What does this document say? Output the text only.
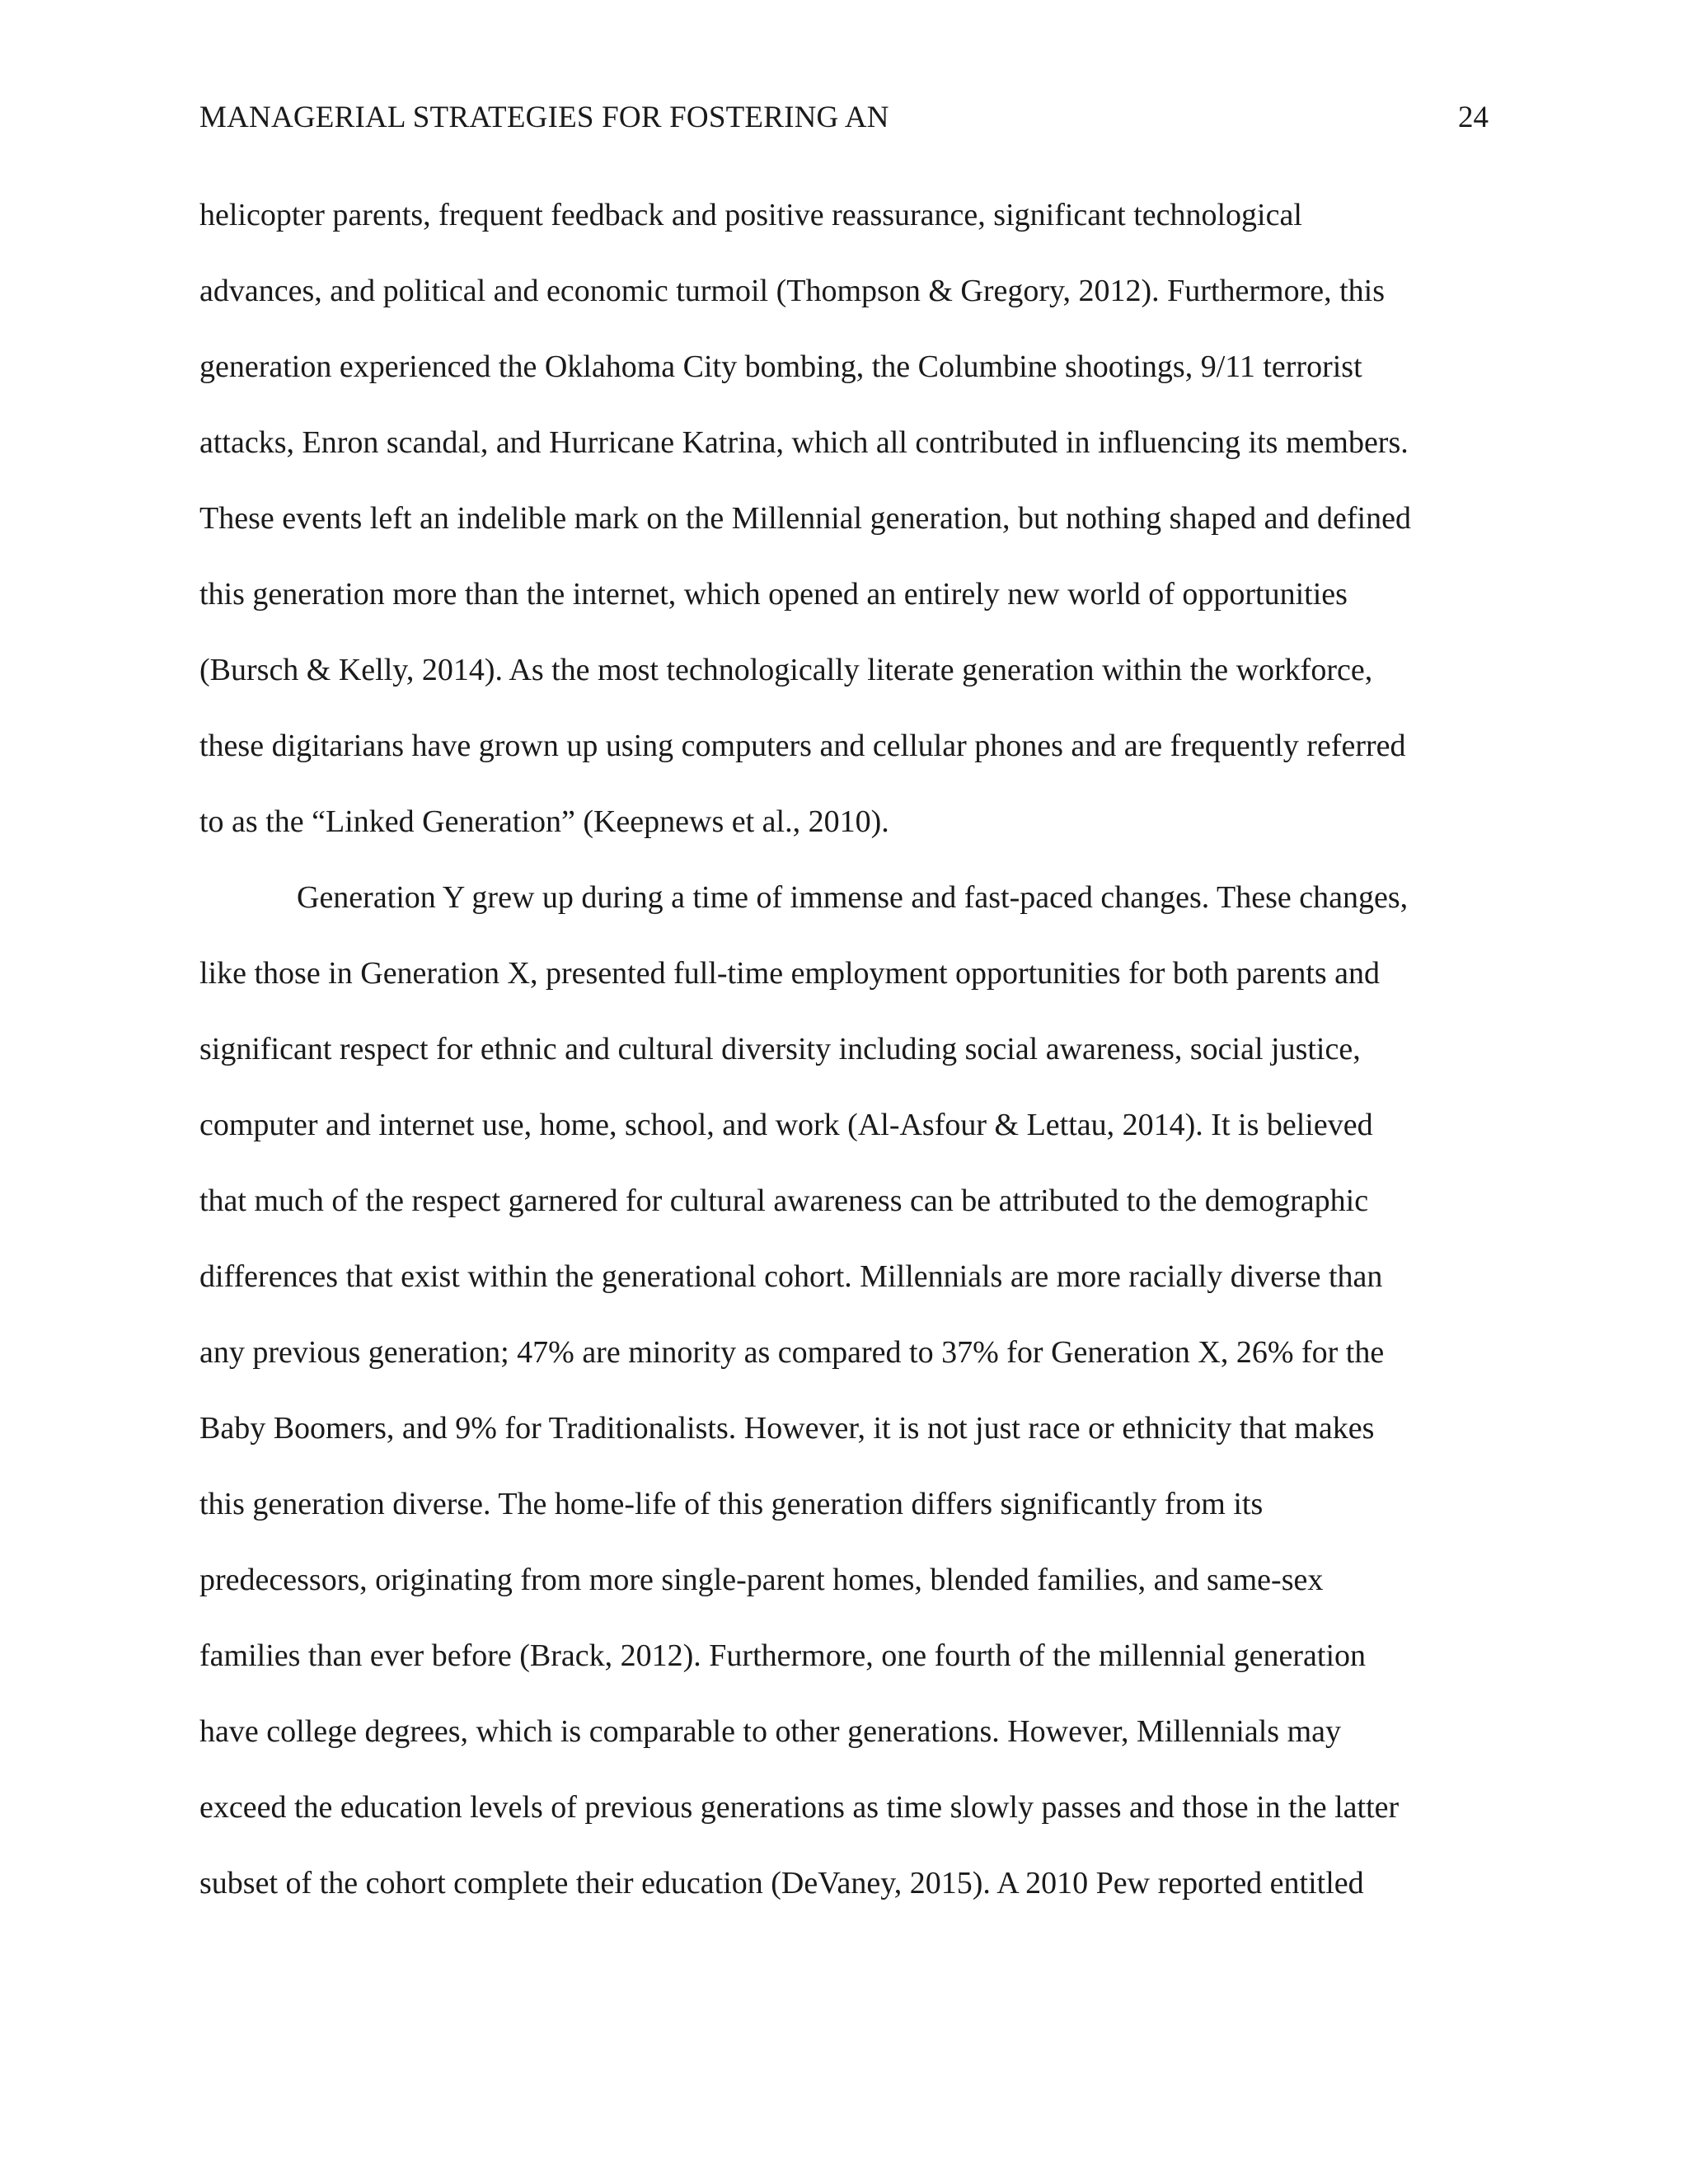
MANAGERIAL STRATEGIES FOR FOSTERING AN	24
helicopter parents, frequent feedback and positive reassurance, significant technological
advances, and political and economic turmoil (Thompson & Gregory, 2012). Furthermore, this
generation experienced the Oklahoma City bombing, the Columbine shootings, 9/11 terrorist
attacks, Enron scandal, and Hurricane Katrina, which all contributed in influencing its members.
These events left an indelible mark on the Millennial generation, but nothing shaped and defined
this generation more than the internet, which opened an entirely new world of opportunities
(Bursch & Kelly, 2014). As the most technologically literate generation within the workforce,
these digitarians have grown up using computers and cellular phones and are frequently referred
to as the “Linked Generation” (Keepnews et al., 2010).
Generation Y grew up during a time of immense and fast-paced changes. These changes,
like those in Generation X, presented full-time employment opportunities for both parents and
significant respect for ethnic and cultural diversity including social awareness, social justice,
computer and internet use, home, school, and work (Al-Asfour & Lettau, 2014). It is believed
that much of the respect garnered for cultural awareness can be attributed to the demographic
differences that exist within the generational cohort. Millennials are more racially diverse than
any previous generation; 47% are minority as compared to 37% for Generation X, 26% for the
Baby Boomers, and 9% for Traditionalists. However, it is not just race or ethnicity that makes
this generation diverse. The home-life of this generation differs significantly from its
predecessors, originating from more single-parent homes, blended families, and same-sex
families than ever before (Brack, 2012). Furthermore, one fourth of the millennial generation
have college degrees, which is comparable to other generations. However, Millennials may
exceed the education levels of previous generations as time slowly passes and those in the latter
subset of the cohort complete their education (DeVaney, 2015). A 2010 Pew reported entitled
